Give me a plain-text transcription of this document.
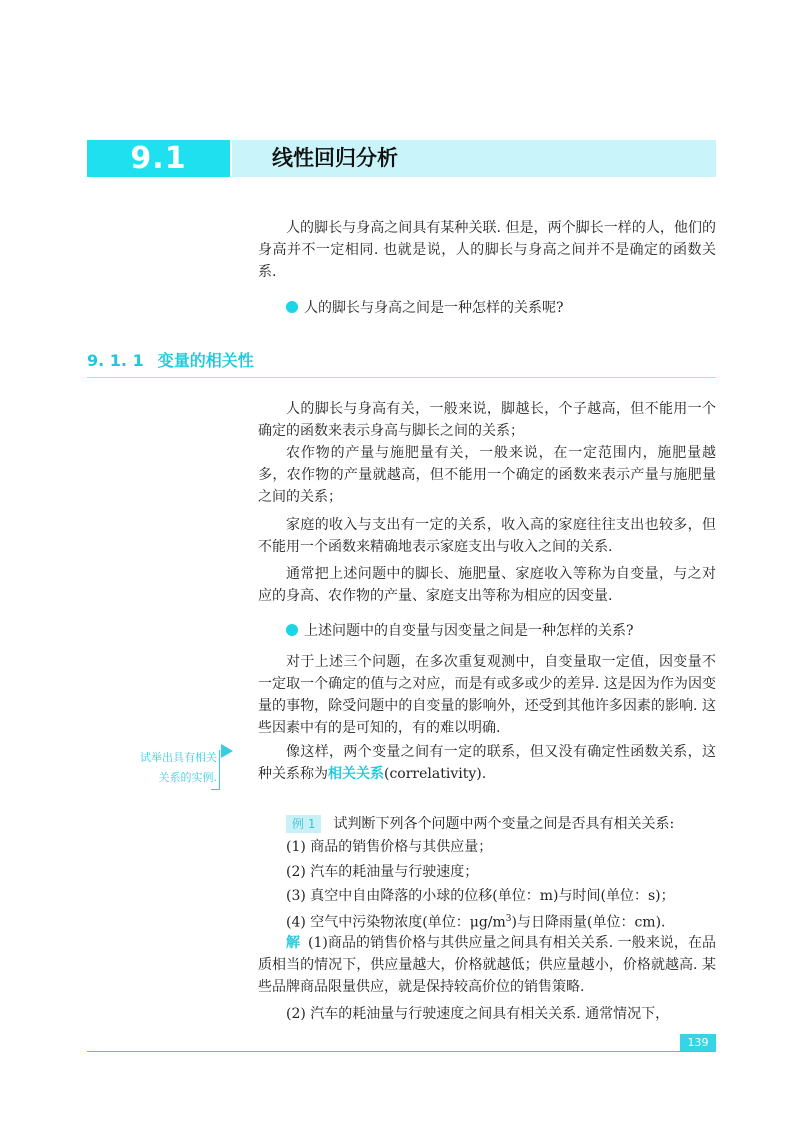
9.1	线性回归分析

人的脚长与身高之间具有某种关联. 但是，两个脚长一样的人，他们的身高并不一定相同. 也就是说，人的脚长与身高之间并不是确定的函数关系.

人的脚长与身高之间是一种怎样的关系呢?
9. 1. 1 变量的相关性

人的脚长与身高有关，一般来说，脚越长，个子越高，但不能用一个确定的函数来表示身高与脚长之间的关系；

农作物的产量与施肥量有关，一般来说，在一定范围内，施肥量越多，农作物的产量就越高，但不能用一个确定的函数来表示产量与施肥量之间的关系；

家庭的收入与支出有一定的关系，收入高的家庭往往支出也较多，但不能用一个函数来精确地表示家庭支出与收入之间的关系.

通常把上述问题中的脚长、施肥量、家庭收入等称为自变量，与之对应的身高、农作物的产量、家庭支出等称为相应的因变量.

上述问题中的自变量与因变量之间是一种怎样的关系?

对于上述三个问题，在多次重复观测中，自变量取一定值，因变量不一定取一个确定的值与之对应，而是有或多或少的差异. 这是因为作为因变量的事物，除受问题中的自变量的影响外，还受到其他许多因素的影响. 这些因素中有的是可知的，有的难以明确.

像这样，两个变量之间有一定的联系，但又没有确定性函数关系，这种关系称为相关关系(correlativity).

试举出具有相关
关系的实例.
例 1 试判断下列各个问题中两个变量之间是否具有相关关系:
(1) 商品的销售价格与其供应量；
(2) 汽车的耗油量与行驶速度；
(3) 真空中自由降落的小球的位移(单位：m)与时间(单位：s)；
(4) 空气中污染物浓度(单位：$\mu g/m^3$)与日降雨量(单位：cm).

解 (1)商品的销售价格与其供应量之间具有相关关系. 一般来说，在品质相当的情况下，供应量越大，价格就越低；供应量越小，价格就越高. 某些品牌商品限量供应，就是保持较高价位的销售策略.

(2) 汽车的耗油量与行驶速度之间具有相关关系. 通常情况下，

139
